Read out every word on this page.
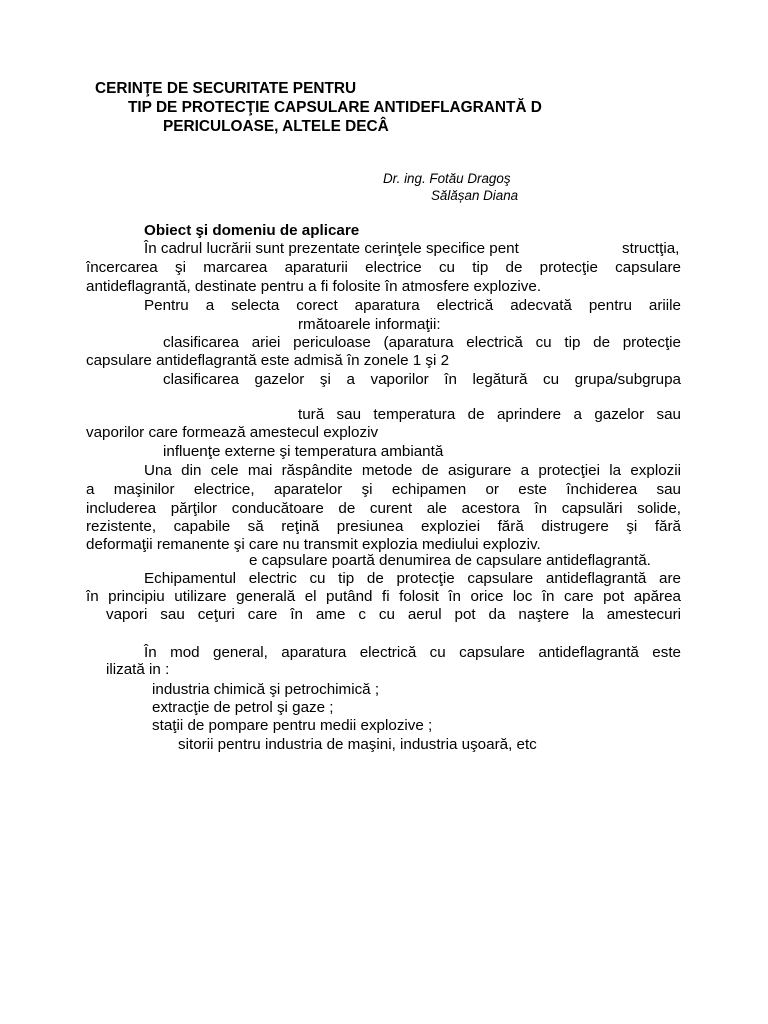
CERINŢE DE SECURITATE PENTRU
TIP DE PROTECŢIE CAPSULARE ANTIDEFLAGRANTĂ D
PERICULOASE, ALTELE DECÂ
Dr. ing. Fotău Dragoş
Sălășan Diana
Obiect şi domeniu de aplicare
În cadrul lucrării sunt prezentate cerinţele specifice pent	structţia,
încercarea şi marcarea aparaturii electrice cu tip de protecţie capsulare
antideflagrantă, destinate pentru a fi folosite în atmosfere explozive.
Pentru a selecta corect aparatura electrică adecvată pentru ariile
rmătoarele informaţii:
clasificarea ariei periculoase (aparatura electrică cu tip de protecţie
capsulare antideflagrantă este admisă în zonele 1 şi 2
clasificarea gazelor şi a vaporilor în legătură cu grupa/subgrupa
tură sau temperatura de aprindere a gazelor sau
vaporilor care formează amestecul exploziv
influenţe externe şi temperatura ambiantă
Una din cele mai răspândite metode de asigurare a protecţiei la explozii
a maşinilor electrice, aparatelor şi echipamen or este închiderea sau
includerea părţilor conducătoare de curent ale acestora în capsulări solide,
rezistente, capabile să reţină presiunea exploziei fără distrugere şi fără
deformaţii remanente şi care nu transmit explozia mediului exploziv.
e capsulare poartă denumirea de capsulare antideflagrantă.
Echipamentul electric cu tip de protecţie capsulare antideflagrantă are
în principiu utilizare generală el putând fi folosit în orice loc în care pot apărea
vapori sau ceţuri care în ame c cu aerul pot da naştere la amestecuri
În mod general, aparatura electrică cu capsulare antideflagrantă este
ilizată in :
industria chimică şi petrochimică ;
extracţie de petrol şi gaze ;
staţii de pompare pentru medii explozive ;
sitorii pentru industria de maşini, industria uşoară, etc
